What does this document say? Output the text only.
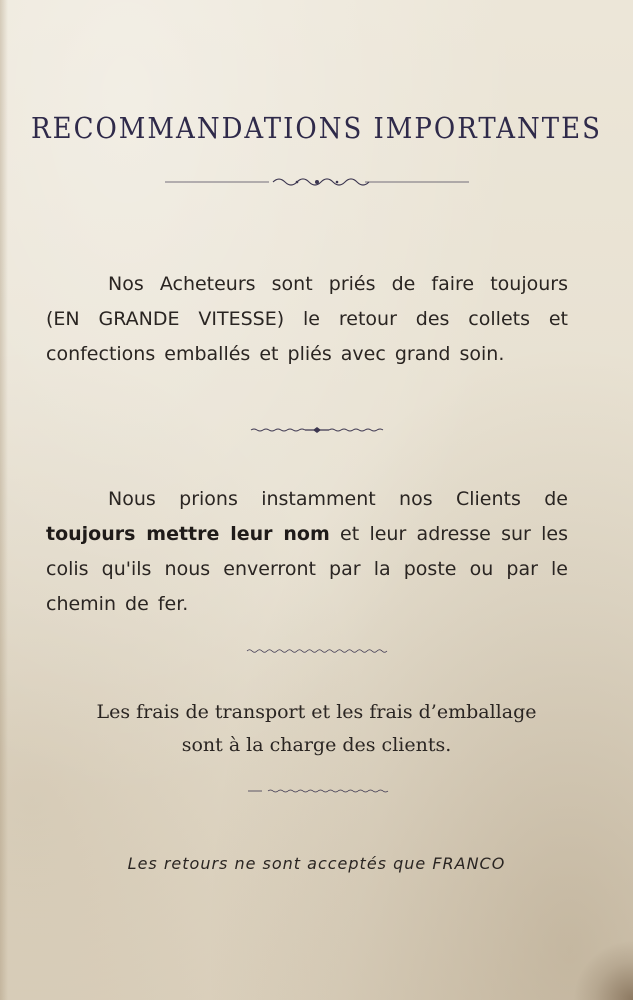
RECOMMANDATIONS IMPORTANTES
Nos Acheteurs sont priés de faire toujours (EN GRANDE VITESSE) le retour des collets et confections emballés et pliés avec grand soin.
Nous prions instamment nos Clients de toujours mettre leur nom et leur adresse sur les colis qu'ils nous enverront par la poste ou par le chemin de fer.
Les frais de transport et les frais d’emballage
sont à la charge des clients.
Les retours ne sont acceptés que FRANCO
